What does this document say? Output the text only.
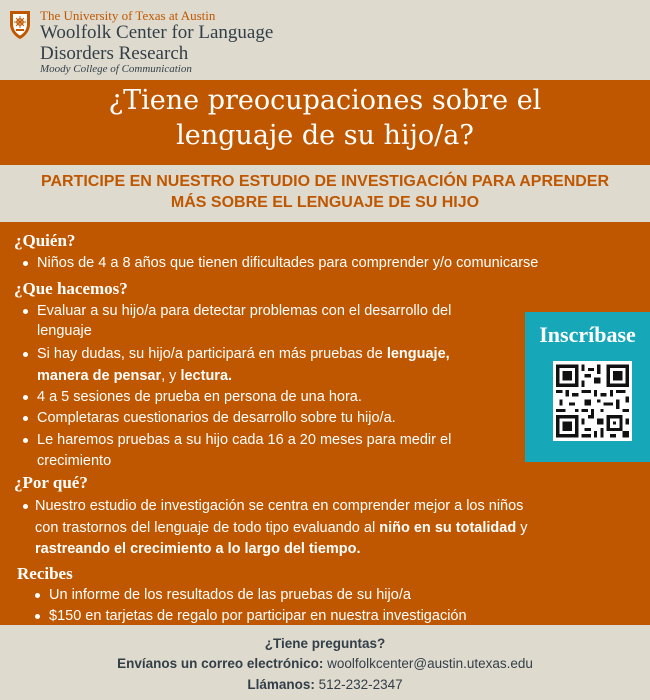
The University of Texas at Austin
Woolfolk Center for Language
Disorders Research
Moody College of Communication
¿Tiene preocupaciones sobre el
lenguaje de su hijo/a?
PARTICIPE EN NUESTRO ESTUDIO DE INVESTIGACIÓN PARA APRENDER
MÁS SOBRE EL LENGUAJE DE SU HIJO
¿Quién?
Niños de 4 a 8 años que tienen dificultades para comprender y/o comunicarse
¿Que hacemos?
Evaluar a su hijo/a para detectar problemas con el desarrollo del
lenguaje
Si hay dudas, su hijo/a participará en más pruebas de lenguaje,
manera de pensar, y lectura.
4 a 5 sesiones de prueba en persona de una hora.
Completaras cuestionarios de desarrollo sobre tu hijo/a.
Le haremos pruebas a su hijo cada 16 a 20 meses para medir el
crecimiento
¿Por qué?
Nuestro estudio de investigación se centra en comprender mejor a los niños
con trastornos del lenguaje de todo tipo evaluando al niño en su totalidad y
rastreando el crecimiento a lo largo del tiempo.
Recibes
Un informe de los resultados de las pruebas de su hijo/a
$150 en tarjetas de regalo por participar en nuestra investigación
Inscríbase
¿Tiene preguntas?
Envíanos un correo electrónico: woolfolkcenter@austin.utexas.edu
Llámanos: 512-232-2347
